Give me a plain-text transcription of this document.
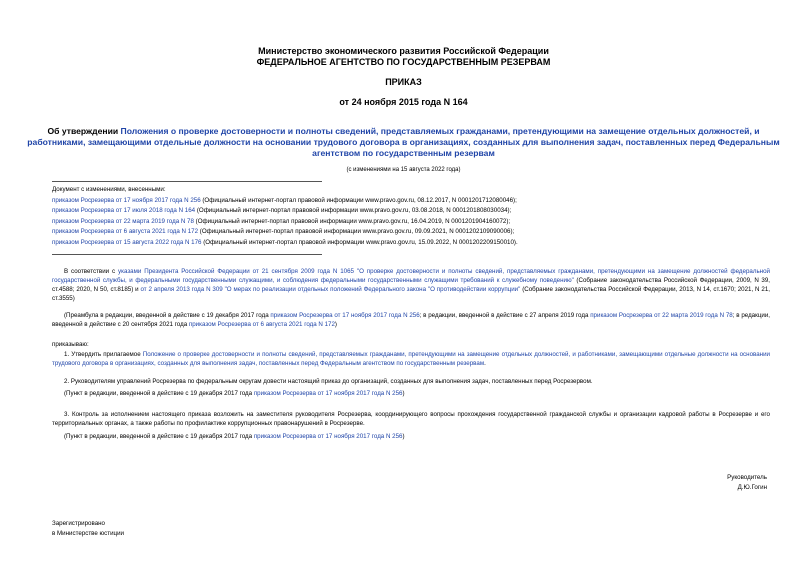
Министерство экономического развития Российской Федерации
ФЕДЕРАЛЬНОЕ АГЕНТСТВО ПО ГОСУДАРСТВЕННЫМ РЕЗЕРВАМ
ПРИКАЗ
от 24 ноября 2015 года N 164
Об утверждении Положения о проверке достоверности и полноты сведений, представляемых гражданами, претендующими на замещение отдельных должностей, и работниками, замещающими отдельные должности на основании трудового договора в организациях, созданных для выполнения задач, поставленных перед Федеральным агентством по государственным резервам
(с изменениями на 15 августа 2022 года)
Документ с изменениями, внесенными:
приказом Росрезерва от 17 ноября 2017 года N 256 (Официальный интернет-портал правовой информации www.pravo.gov.ru, 08.12.2017, N 0001201712080046);
приказом Росрезерва от 17 июля 2018 года N 164 (Официальный интернет-портал правовой информации www.pravo.gov.ru, 03.08.2018, N 0001201808030034);
приказом Росрезерва от 22 марта 2019 года N 78 (Официальный интернет-портал правовой информации www.pravo.gov.ru, 16.04.2019, N 0001201904160072);
приказом Росрезерва от 6 августа 2021 года N 172 (Официальный интернет-портал правовой информации www.pravo.gov.ru, 09.09.2021, N 0001202109090006);
приказом Росрезерва от 15 августа 2022 года N 176 (Официальный интернет-портал правовой информации www.pravo.gov.ru, 15.09.2022, N 0001202209150010).
В соответствии с указами Президента Российской Федерации от 21 сентября 2009 года N 1065 "О проверке достоверности и полноты сведений, представляемых гражданами, претендующими на замещение должностей федеральной государственной службы, и федеральными государственными служащими, и соблюдения федеральными государственными служащими требований к служебному поведению" (Собрание законодательства Российской Федерации, 2009, N 39, ст.4588; 2020, N 50, ст.8185) и от 2 апреля 2013 года N 309 "О мерах по реализации отдельных положений Федерального закона "О противодействии коррупции" (Собрание законодательства Российской Федерации, 2013, N 14, ст.1670; 2021, N 21, ст.3555)
(Преамбула в редакции, введенной в действие с 19 декабря 2017 года приказом Росрезерва от 17 ноября 2017 года N 256; в редакции, введенной в действие с 27 апреля 2019 года приказом Росрезерва от 22 марта 2019 года N 78; в редакции, введенной в действие с 20 сентября 2021 года приказом Росрезерва от 6 августа 2021 года N 172)
приказываю:
1. Утвердить прилагаемое Положение о проверке достоверности и полноты сведений, представляемых гражданами, претендующими на замещение отдельных должностей, и работниками, замещающими отдельные должности на основании трудового договора в организациях, созданных для выполнения задач, поставленных перед Федеральным агентством по государственным резервам.
2. Руководителям управлений Росрезерва по федеральным округам довести настоящий приказ до организаций, созданных для выполнения задач, поставленных перед Росрезервом.
(Пункт в редакции, введенной в действие с 19 декабря 2017 года приказом Росрезерва от 17 ноября 2017 года N 256)
3. Контроль за исполнением настоящего приказа возложить на заместителя руководителя Росрезерва, координирующего вопросы прохождения государственной гражданской службы и организации кадровой работы в Росрезерве и его территориальных органах, а также работы по профилактике коррупционных правонарушений в Росрезерве.
(Пункт в редакции, введенной в действие с 19 декабря 2017 года приказом Росрезерва от 17 ноября 2017 года N 256)
Руководитель
Д.Ю.Гогин
Зарегистрировано
в Министерстве юстиции
